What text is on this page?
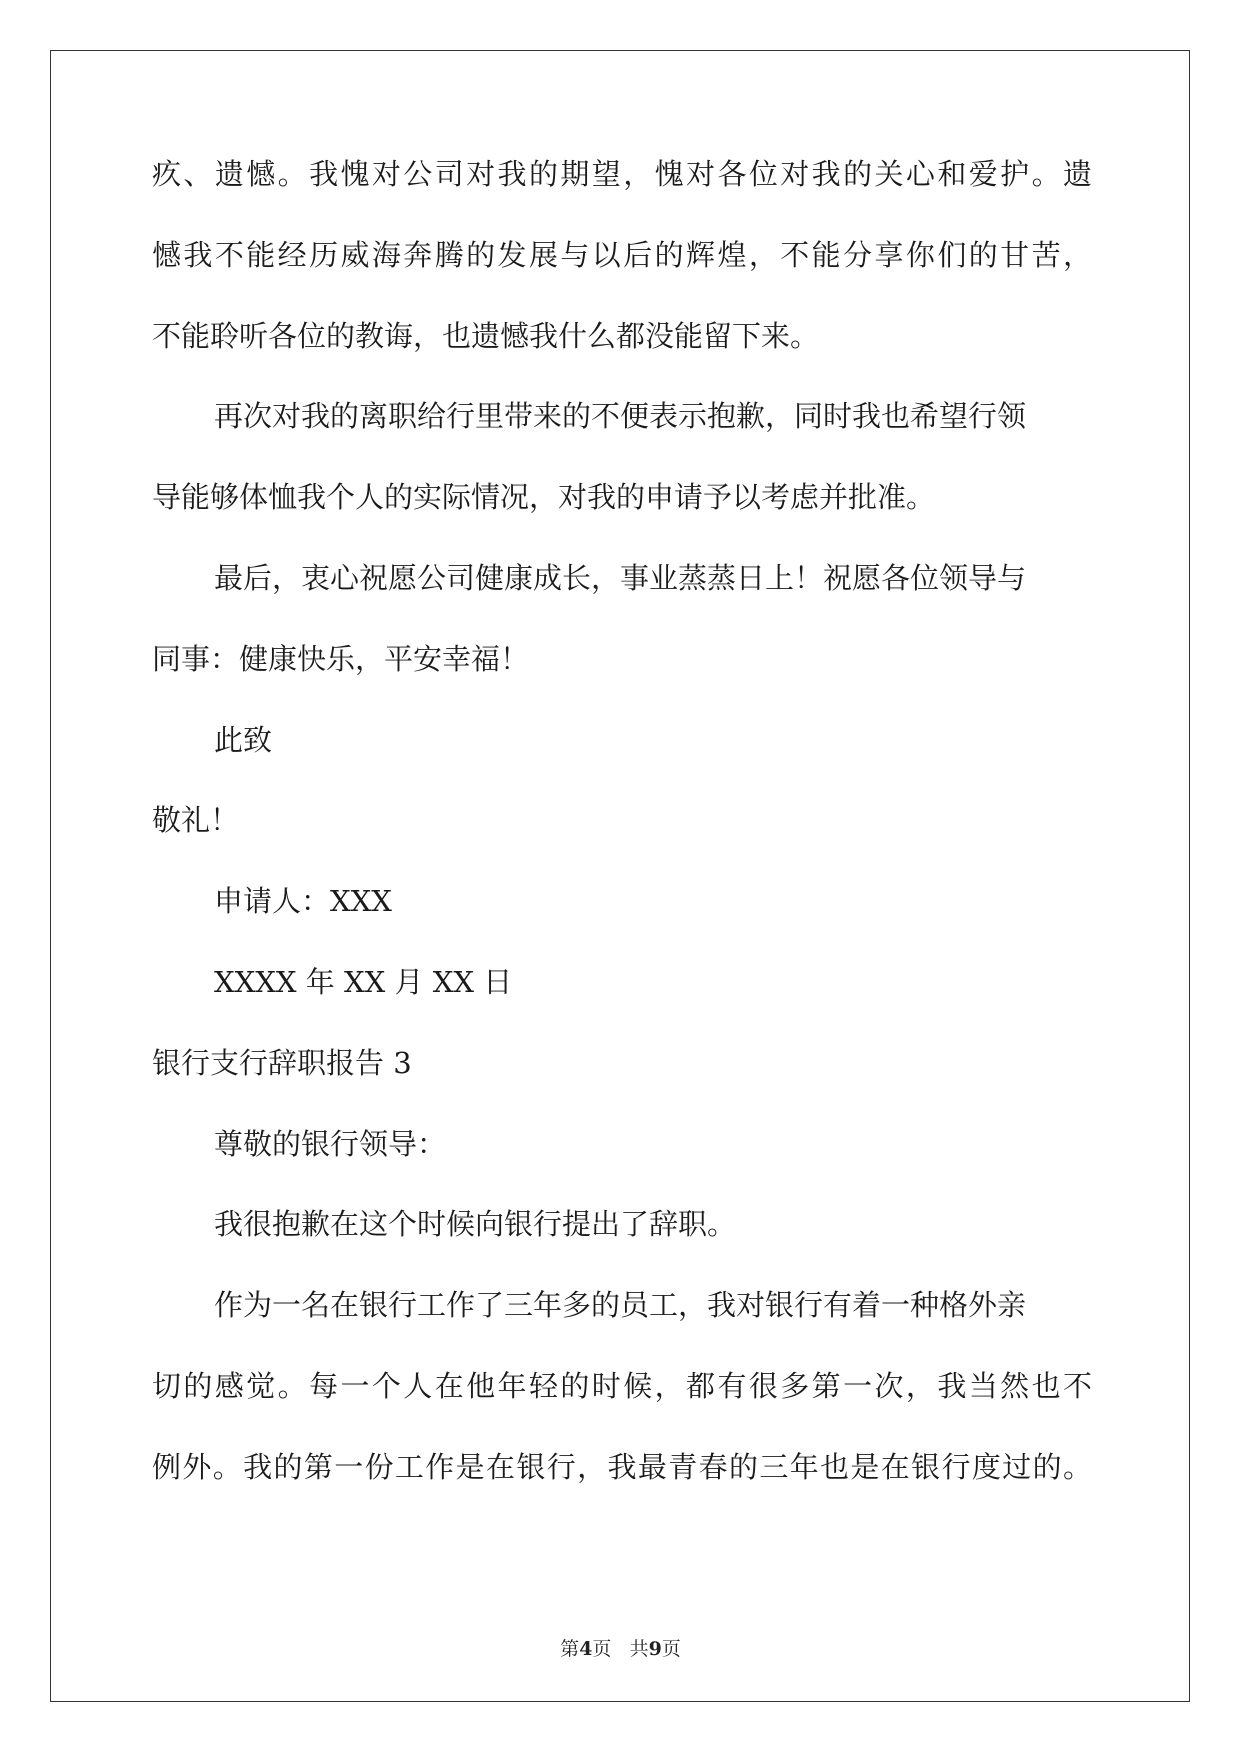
疚、遗憾。我愧对公司对我的期望，愧对各位对我的关心和爱护。遗
憾我不能经历威海奔腾的发展与以后的辉煌，不能分享你们的甘苦，
不能聆听各位的教诲，也遗憾我什么都没能留下来。
再次对我的离职给行里带来的不便表示抱歉，同时我也希望行领
导能够体恤我个人的实际情况，对我的申请予以考虑并批准。
最后，衷心祝愿公司健康成长，事业蒸蒸日上！祝愿各位领导与
同事：健康快乐，平安幸福！
此致
敬礼！
申请人：XXX
XXXX 年 XX 月 XX 日
银行支行辞职报告 3
尊敬的银行领导：
我很抱歉在这个时候向银行提出了辞职。
作为一名在银行工作了三年多的员工，我对银行有着一种格外亲
切的感觉。每一个人在他年轻的时候，都有很多第一次，我当然也不
例外。我的第一份工作是在银行，我最青春的三年也是在银行度过的。
第4页 共9页
